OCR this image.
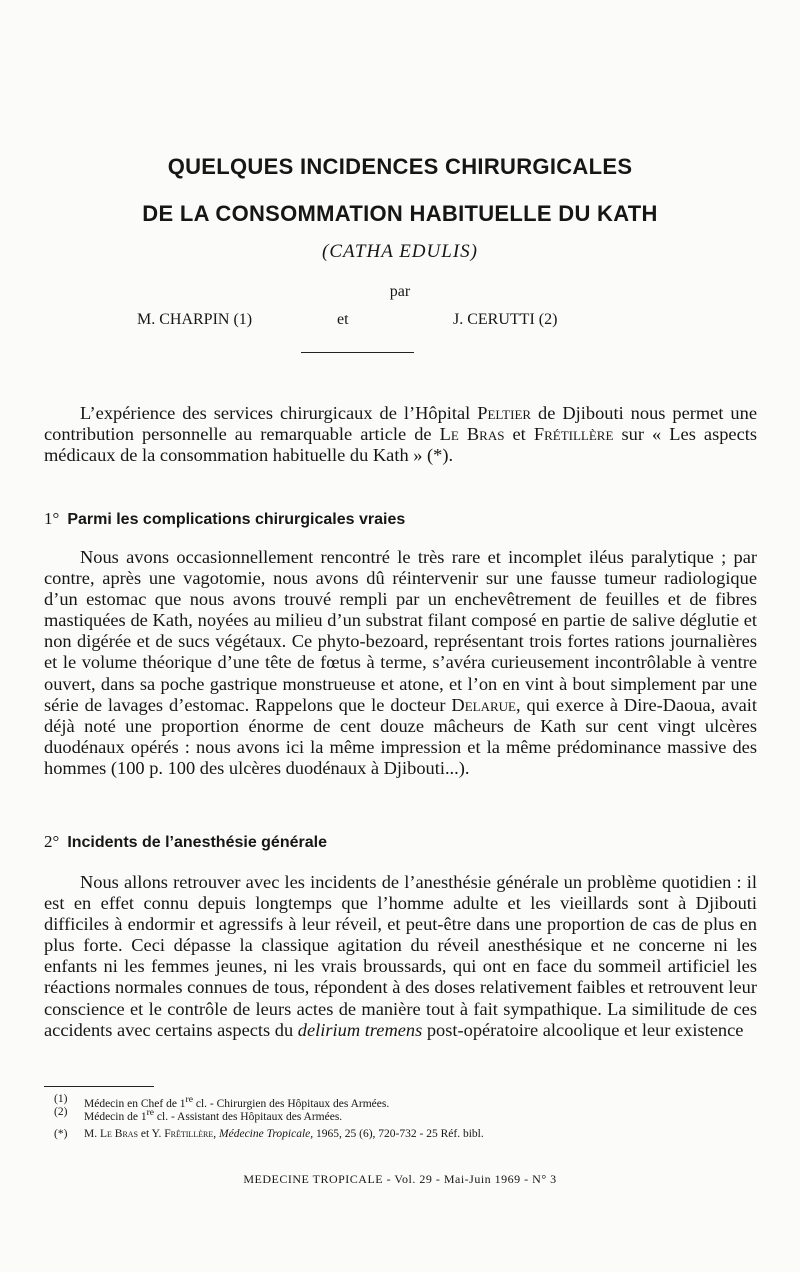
QUELQUES INCIDENCES CHIRURGICALES
DE LA CONSOMMATION HABITUELLE DU KATH
(CATHA EDULIS)
par
M. CHARPIN (1)	et	J. CERUTTI (2)

L’expérience des services chirurgicaux de l’Hôpital Peltier de Djibouti nous permet une contribution personnelle au remarquable article de Le Bras et Frétillère sur « Les aspects médicaux de la consommation habituelle du Kath » (*).

1° Parmi les complications chirurgicales vraies

Nous avons occasionnellement rencontré le très rare et incomplet iléus paralytique ; par contre, après une vagotomie, nous avons dû réintervenir sur une fausse tumeur radiologique d’un estomac que nous avons trouvé rempli par un enchevêtrement de feuilles et de fibres mastiquées de Kath, noyées au milieu d’un substrat filant composé en partie de salive déglutie et non digérée et de sucs végétaux. Ce phyto-bezoard, représentant trois fortes rations journalières et le volume théorique d’une tête de fœtus à terme, s’avéra curieusement incontrôlable à ventre ouvert, dans sa poche gastrique monstrueuse et atone, et l’on en vint à bout simplement par une série de lavages d’estomac. Rappelons que le docteur Delarue, qui exerce à Dire-Daoua, avait déjà noté une proportion énorme de cent douze mâcheurs de Kath sur cent vingt ulcères duodénaux opérés : nous avons ici la même impression et la même prédominance massive des hommes (100 p. 100 des ulcères duodénaux à Djibouti...).

2° Incidents de l’anesthésie générale

Nous allons retrouver avec les incidents de l’anesthésie générale un problème quotidien : il est en effet connu depuis longtemps que l’homme adulte et les vieillards sont à Djibouti difficiles à endormir et agressifs à leur réveil, et peut-être dans une proportion de cas de plus en plus forte. Ceci dépasse la classique agitation du réveil anesthésique et ne concerne ni les enfants ni les femmes jeunes, ni les vrais broussards, qui ont en face du sommeil artificiel les réactions normales connues de tous, répondent à des doses relativement faibles et retrouvent leur conscience et le contrôle de leurs actes de manière tout à fait sympathique. La similitude de ces accidents avec certains aspects du delirium tremens post-opératoire alcoolique et leur existence

(1) Médecin en Chef de 1re cl. - Chirurgien des Hôpitaux des Armées.
(2) Médecin de 1re cl. - Assistant des Hôpitaux des Armées.
(*) M. Le Bras et Y. Frêtillère, Médecine Tropicale, 1965, 25 (6), 720-732 - 25 Réf. bibl.
MEDECINE TROPICALE - Vol. 29 - Mai-Juin 1969 - N° 3
